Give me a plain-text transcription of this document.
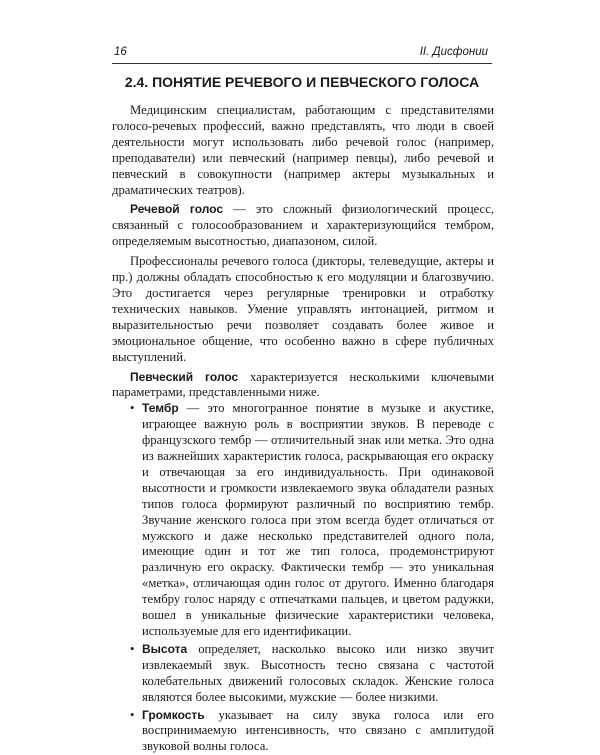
16	II. Дисфонии
2.4. ПОНЯТИЕ РЕЧЕВОГО И ПЕВЧЕСКОГО ГОЛОСА

Медицинским специалистам, работающим с представителями голосо-речевых профессий, важно представлять, что люди в своей деятельности могут использовать либо речевой голос (например, преподаватели) или певческий (например певцы), либо речевой и певческий в совокупности (например актеры музыкальных и драматических театров).

Речевой голос — это сложный физиологический процесс, связанный с голосообразованием и характеризующийся тембром, определяемым высотностью, диапазоном, силой.

Профессионалы речевого голоса (дикторы, телеведущие, актеры и пр.) должны обладать способностью к его модуляции и благозвучию. Это достигается через регулярные тренировки и отработку технических навыков. Умение управлять интонацией, ритмом и выразительностью речи позволяет создавать более живое и эмоциональное общение, что особенно важно в сфере публичных выступлений.

Певческий голос характеризуется несколькими ключевыми параметрами, представленными ниже.

• Тембр — это многогранное понятие в музыке и акустике, играющее важную роль в восприятии звуков. В переводе с французского тембр — отличительный знак или метка. Это одна из важнейших характеристик голоса, раскрывающая его окраску и отвечающая за его индивидуальность. При одинаковой высотности и громкости извлекаемого звука обладатели разных типов голоса формируют различный по восприятию тембр. Звучание женского голоса при этом всегда будет отличаться от мужского и даже несколько представителей одного пола, имеющие один и тот же тип голоса, продемонстрируют различную его окраску. Фактически тембр — это уникальная «метка», отличающая один голос от другого. Именно благодаря тембру голос наряду с отпечатками пальцев, и цветом радужки, вошел в уникальные физические характеристики человека, используемые для его идентификации.
• Высота определяет, насколько высоко или низко звучит извлекаемый звук. Высотность тесно связана с частотой колебательных движений голосовых складок. Женские голоса являются более высокими, мужские — более низкими.
• Громкость указывает на силу звука голоса или его воспринимаемую интенсивность, что связано с амплитудой звуковой волны голоса.
